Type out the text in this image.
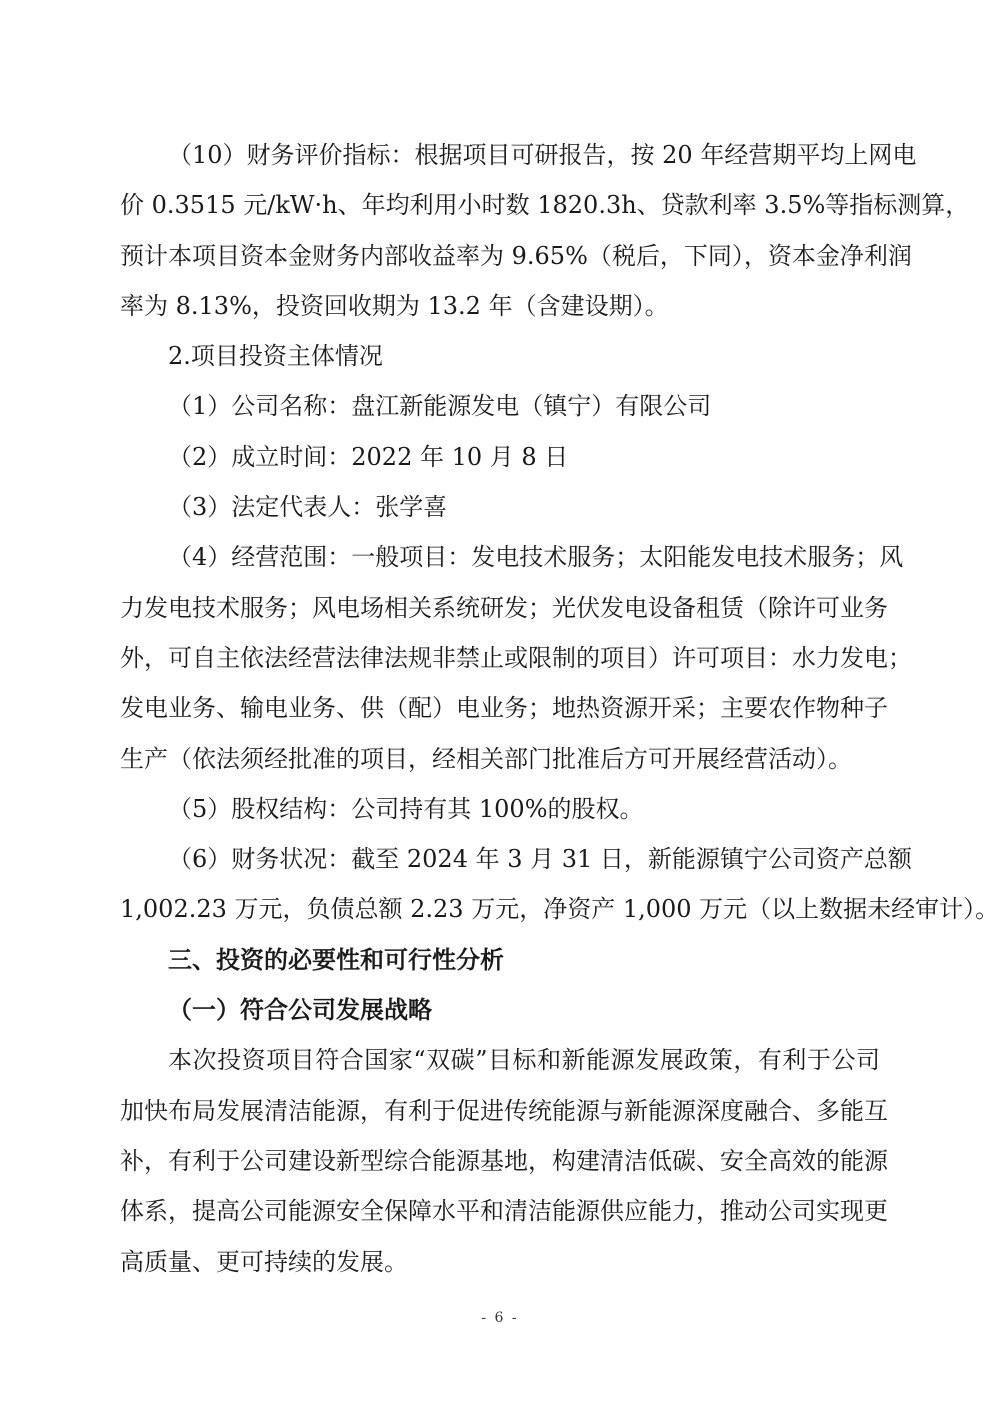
（10）财务评价指标：根据项目可研报告，按 20 年经营期平均上网电
价 0.3515 元/kW·h、年均利用小时数 1820.3h、贷款利率 3.5%等指标测算，
预计本项目资本金财务内部收益率为 9.65%（税后，下同），资本金净利润
率为 8.13%，投资回收期为 13.2 年（含建设期）。
2.项目投资主体情况
（1）公司名称：盘江新能源发电（镇宁）有限公司
（2）成立时间：2022 年 10 月 8 日
（3）法定代表人：张学喜
（4）经营范围：一般项目：发电技术服务；太阳能发电技术服务；风
力发电技术服务；风电场相关系统研发；光伏发电设备租赁（除许可业务
外，可自主依法经营法律法规非禁止或限制的项目）许可项目：水力发电；
发电业务、输电业务、供（配）电业务；地热资源开采；主要农作物种子
生产（依法须经批准的项目，经相关部门批准后方可开展经营活动）。
（5）股权结构：公司持有其 100%的股权。
（6）财务状况：截至 2024 年 3 月 31 日，新能源镇宁公司资产总额
1,002.23 万元，负债总额 2.23 万元，净资产 1,000 万元（以上数据未经审计）。
三、投资的必要性和可行性分析
（一）符合公司发展战略
本次投资项目符合国家“双碳”目标和新能源发展政策，有利于公司
加快布局发展清洁能源，有利于促进传统能源与新能源深度融合、多能互
补，有利于公司建设新型综合能源基地，构建清洁低碳、安全高效的能源
体系，提高公司能源安全保障水平和清洁能源供应能力，推动公司实现更
高质量、更可持续的发展。
- 6 -
